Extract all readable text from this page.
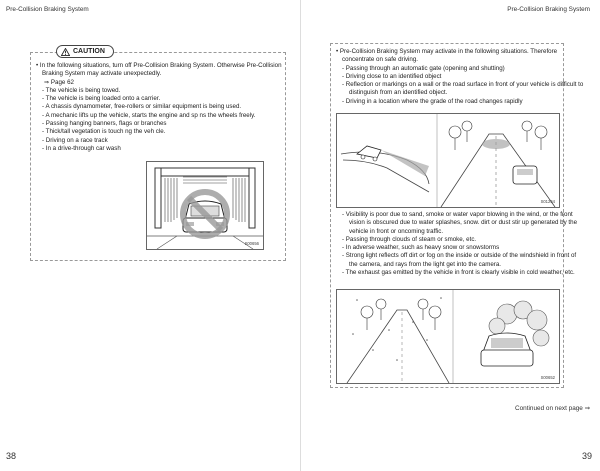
Pre-Collision Braking System	Pre-Collision Braking System
CAUTION

• In the following situations, turn off Pre-Collision Braking System. Otherwise Pre-Collision Braking System may activate unexpectedly.

⇒ Page 62

- The vehicle is being towed.
- The vehicle is being loaded onto a carrier.
- A chassis dynamometer, free-rollers or similar equipment is being used.
- A mechanic lifts up the vehicle, starts the engine and sp ns the wheels freely.
- Passing hanging banners, flags or branches
- Thick/tall vegetation is touch ng the veh cle.
- Driving on a race track
- In a drive-through car wash
S00656
38

• Pre-Collision Braking System may activate in the following situations. Therefore concentrate on safe driving.

- Passing through an automatic gate (opening and shutting)
- Driving close to an identified object
- Reflection or markings on a wall or the road surface in front of your vehicle is difficult to distinguish from an identified object.
- Driving in a location where the grade of the road changes rapidly
S01264
- Visibility is poor due to sand, smoke or water vapor blowing in the wind, or the front vision is obscured due to water splashes, snow. dirt or dust stir up generated by the vehicle in front or oncoming traffic.
- Passing through clouds of steam or smoke, etc.
- In adverse weather, such as heavy snow or snowstorms
- Strong light reflects off dirt or fog on the inside or outside of the windshield in front of the camera, and rays from the light get into the camera.
- The exhaust gas emitted by the vehicle in front is clearly visible in cold weather, etc.
S00652
Continued on next page ⇒
39
